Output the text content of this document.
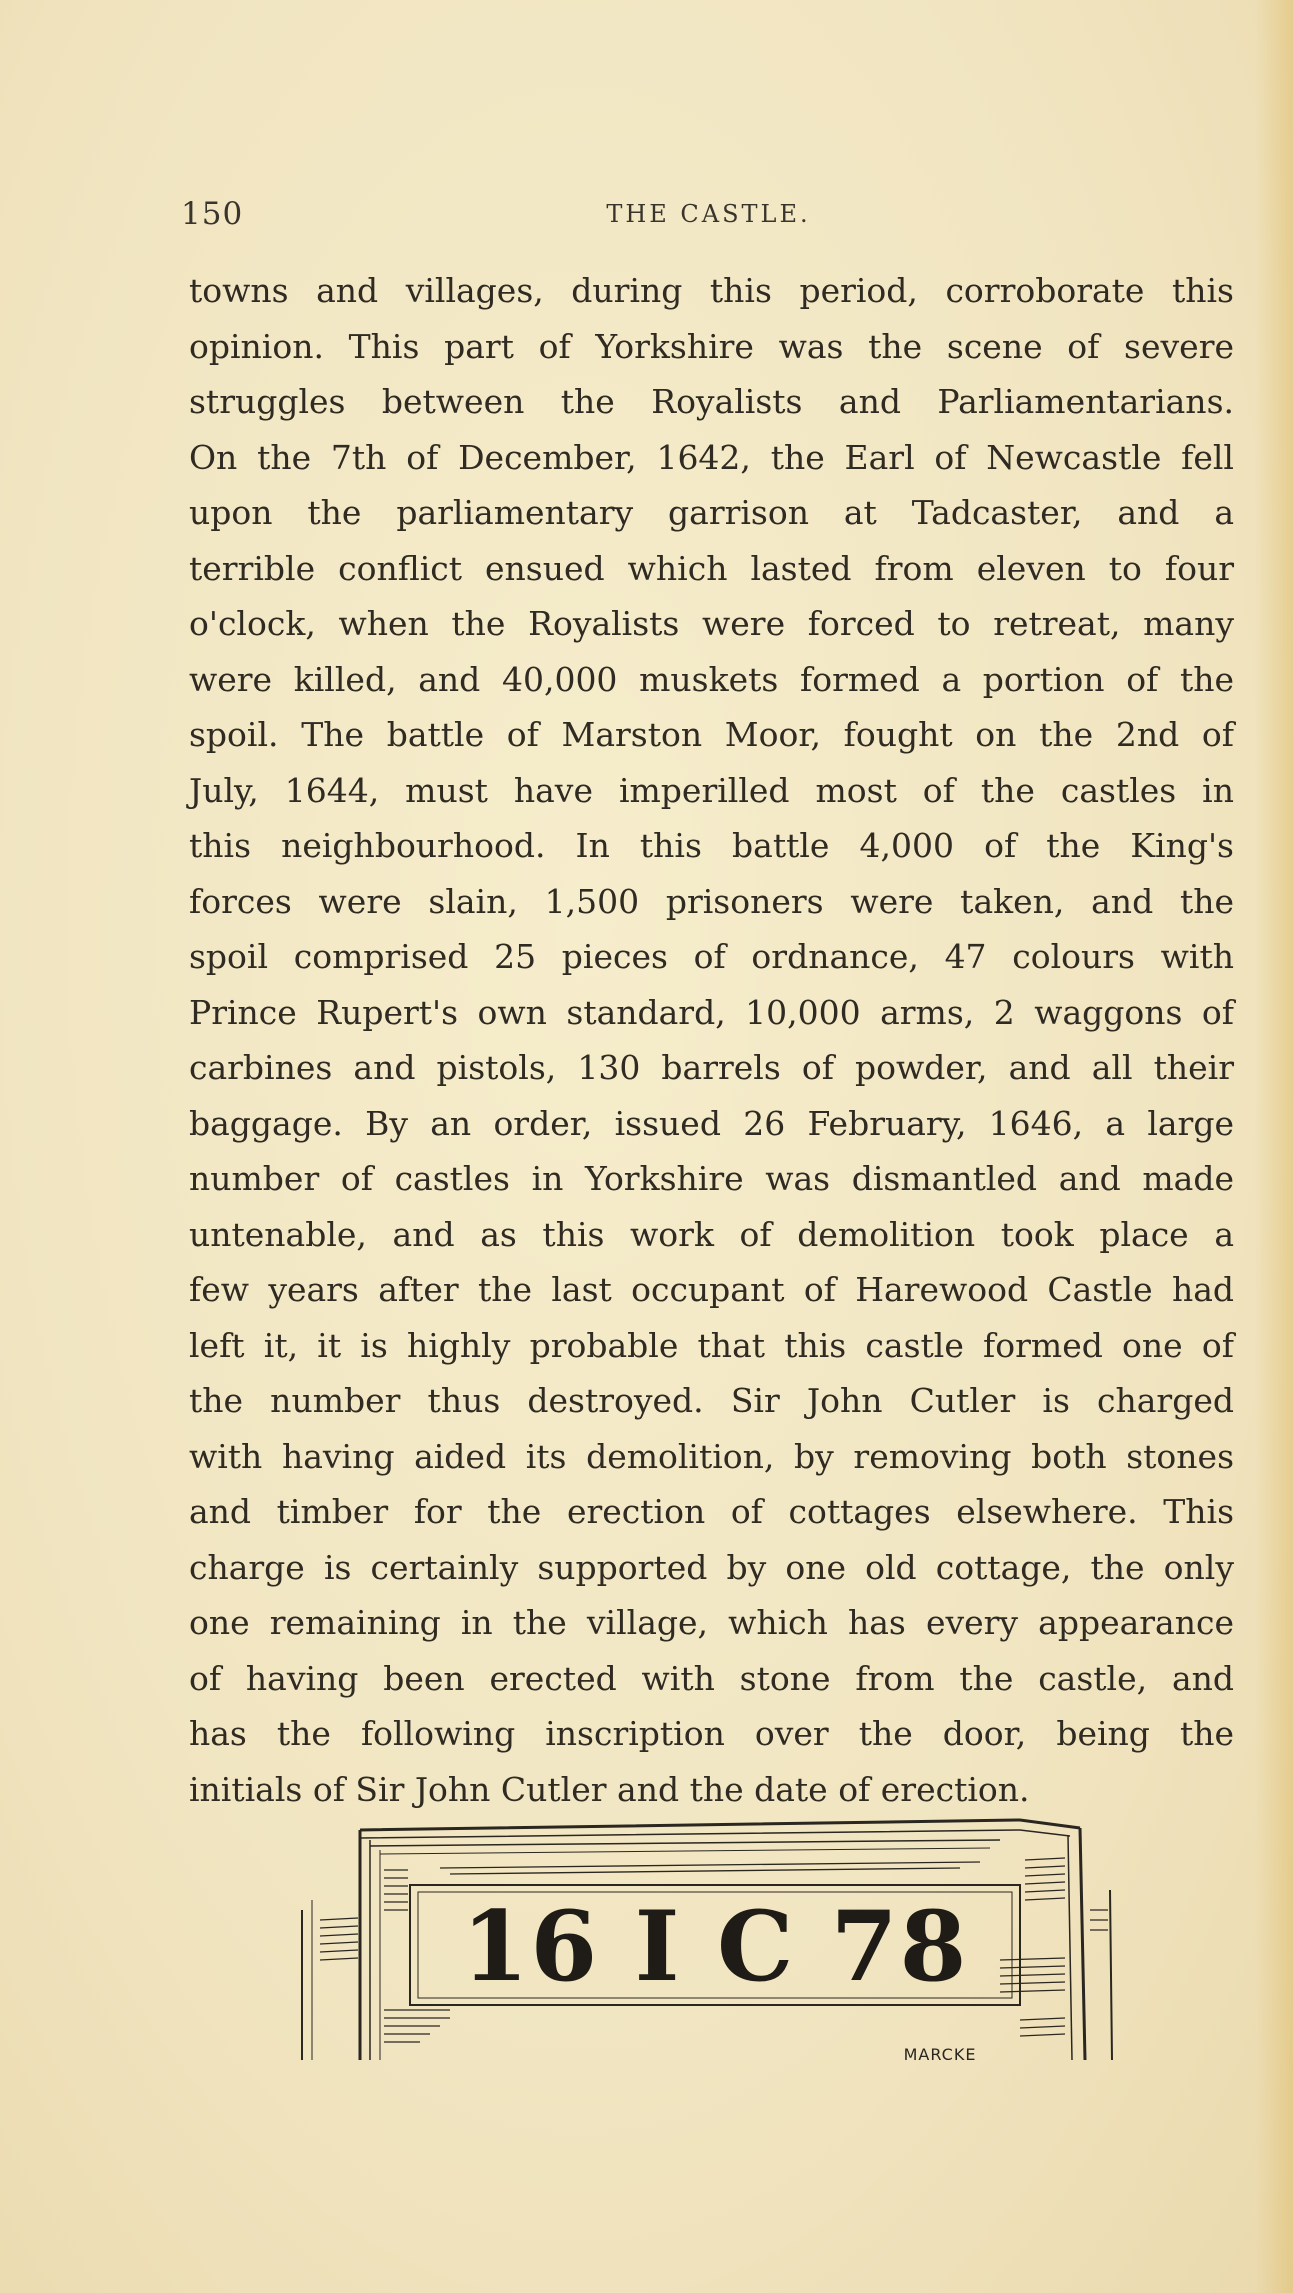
150	THE CASTLE.
towns and villages, during this period, corroborate this
opinion. This part of Yorkshire was the scene of severe
struggles between the Royalists and Parliamentarians.
On the 7th of December, 1642, the Earl of Newcastle fell
upon the parliamentary garrison at Tadcaster, and a
terrible conflict ensued which lasted from eleven to four
o'clock, when the Royalists were forced to retreat, many
were killed, and 40,000 muskets formed a portion of the
spoil. The battle of Marston Moor, fought on the 2nd of
July, 1644, must have imperilled most of the castles in
this neighbourhood. In this battle 4,000 of the King's
forces were slain, 1,500 prisoners were taken, and the
spoil comprised 25 pieces of ordnance, 47 colours with
Prince Rupert's own standard, 10,000 arms, 2 waggons of
carbines and pistols, 130 barrels of powder, and all their
baggage. By an order, issued 26 February, 1646, a large
number of castles in Yorkshire was dismantled and made
untenable, and as this work of demolition took place a
few years after the last occupant of Harewood Castle had
left it, it is highly probable that this castle formed one of
the number thus destroyed. Sir John Cutler is charged
with having aided its demolition, by removing both stones
and timber for the erection of cottages elsewhere. This
charge is certainly supported by one old cottage, the only
one remaining in the village, which has every appearance
of having been erected with stone from the castle, and
has the following inscription over the door, being the
initials of Sir John Cutler and the date of erection.
16 I C 78
MARCKE
